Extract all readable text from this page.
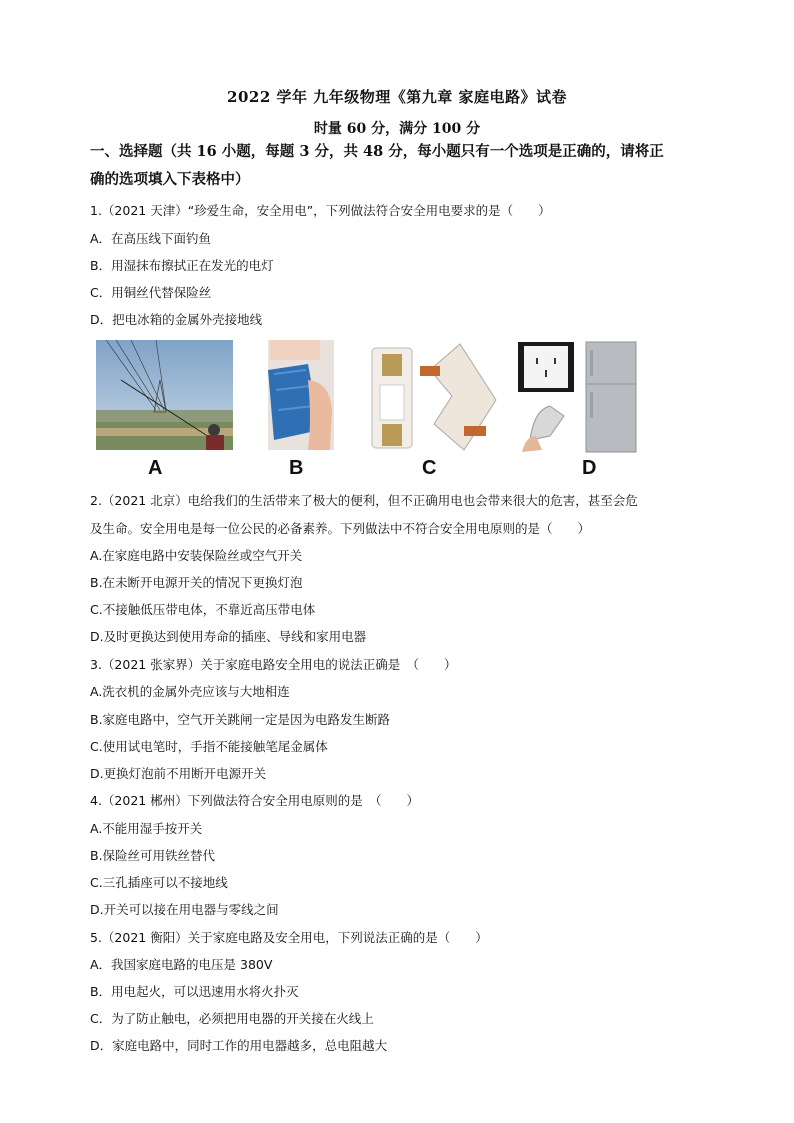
2022 学年 九年级物理《第九章 家庭电路》试卷
时量 60 分，满分 100 分
一、选择题（共 16 小题，每题 3 分，共 48 分，每小题只有一个选项是正确的，请将正
确的选项填入下表格中）
1.（2021 天津）“珍爱生命，安全用电”，下列做法符合安全用电要求的是（　　）
A．在高压线下面钓鱼
B．用湿抹布擦拭正在发光的电灯
C．用铜丝代替保险丝
D．把电冰箱的金属外壳接地线
A	B	C	D
2.（2021 北京）电给我们的生活带来了极大的便利，但不正确用电也会带来很大的危害，甚至会危
及生命。安全用电是每一位公民的必备素养。下列做法中不符合安全用电原则的是（　　）
A.在家庭电路中安装保险丝或空气开关
B.在未断开电源开关的情况下更换灯泡
C.不接触低压带电体，不靠近高压带电体
D.及时更换达到使用寿命的插座、导线和家用电器
3.（2021 张家界）关于家庭电路安全用电的说法正确是　（　　）
A.洗衣机的金属外壳应该与大地相连
B.家庭电路中，空气开关跳闸一定是因为电路发生断路
C.使用试电笔时，手指不能接触笔尾金属体
D.更换灯泡前不用断开电源开关
4.（2021 郴州）下列做法符合安全用电原则的是　（　　）
A.不能用湿手按开关
B.保险丝可用铁丝替代
C.三孔插座可以不接地线
D.开关可以接在用电器与零线之间
5.（2021 衡阳）关于家庭电路及安全用电，下列说法正确的是（　　）
A．我国家庭电路的电压是 380V
B．用电起火，可以迅速用水将火扑灭
C．为了防止触电，必须把用电器的开关接在火线上
D．家庭电路中，同时工作的用电器越多，总电阻越大
